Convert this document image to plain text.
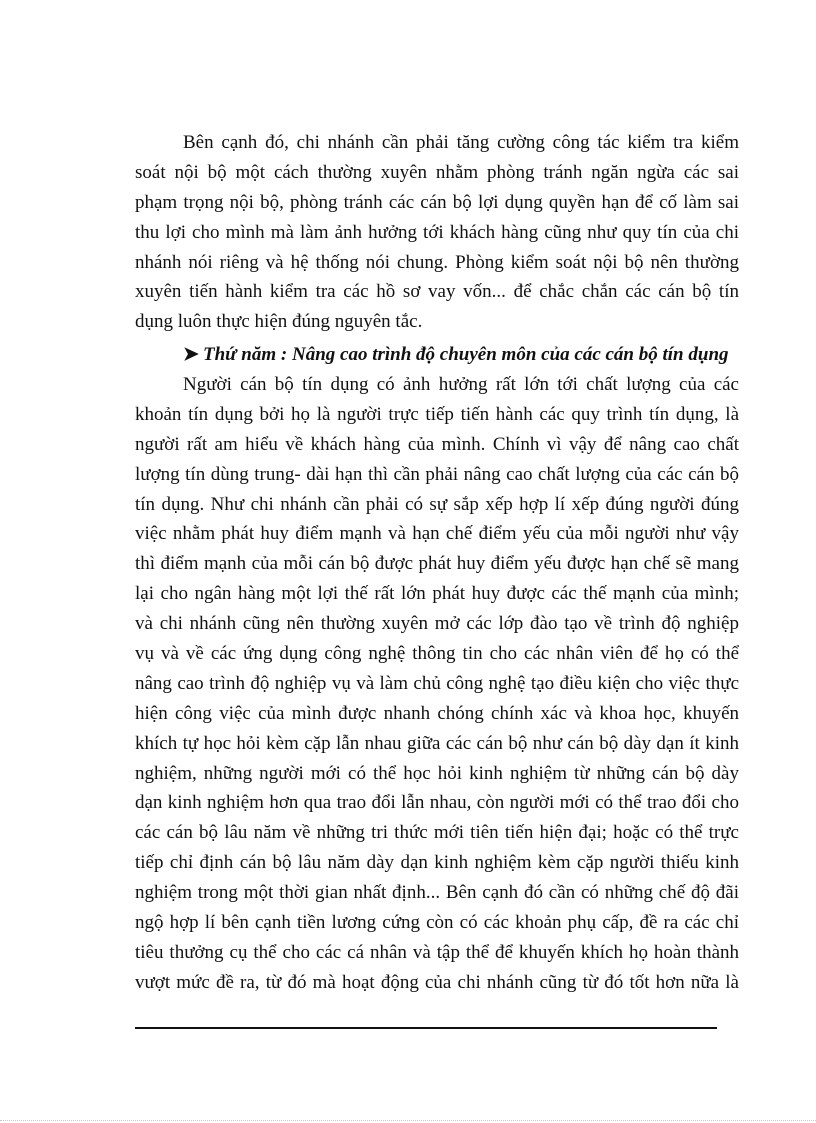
Bên cạnh đó, chi nhánh cần phải tăng cường công tác kiểm tra kiểm
soát nội bộ một cách thường xuyên nhằm phòng tránh ngăn ngừa các sai
phạm trọng nội bộ, phòng tránh các cán bộ lợi dụng quyền hạn để cố làm sai
thu lợi cho mình mà làm ảnh hưởng tới khách hàng cũng như quy tín của chi
nhánh nói riêng và hệ thống nói chung. Phòng kiểm soát nội bộ nên thường
xuyên tiến hành kiểm tra các hồ sơ vay vốn... để chắc chắn các cán bộ tín
dụng luôn thực hiện đúng nguyên tắc.
➤ Thứ năm : Nâng cao trình độ chuyên môn của các cán bộ tín dụng
Người cán bộ tín dụng có ảnh hưởng rất lớn tới chất lượng của các
khoản tín dụng bởi họ là người trực tiếp tiến hành các quy trình tín dụng, là
người rất am hiểu về khách hàng của mình. Chính vì vậy để nâng cao chất
lượng tín dùng trung- dài hạn thì cần phải nâng cao chất lượng của các cán bộ
tín dụng. Như chi nhánh cần phải có sự sắp xếp hợp lí xếp đúng người đúng
việc nhằm phát huy điểm mạnh và hạn chế điểm yếu của mỗi người như vậy
thì điểm mạnh của mỗi cán bộ được phát huy điểm yếu được hạn chế sẽ mang
lại cho ngân hàng một lợi thế rất lớn phát huy được các thế mạnh của mình;
và chi nhánh cũng nên thường xuyên mở các lớp đào tạo về trình độ nghiệp
vụ và về các ứng dụng công nghệ thông tin cho các nhân viên để họ có thể
nâng cao trình độ nghiệp vụ và làm chủ công nghệ tạo điều kiện cho việc thực
hiện công việc của mình được nhanh chóng chính xác và khoa học, khuyến
khích tự học hỏi kèm cặp lẫn nhau giữa các cán bộ như cán bộ dày dạn ít kinh
nghiệm, những người mới có thể học hỏi kinh nghiệm từ những cán bộ dày
dạn kinh nghiệm hơn qua trao đổi lẫn nhau, còn người mới có thể trao đổi cho
các cán bộ lâu năm về những tri thức mới tiên tiến hiện đại; hoặc có thể trực
tiếp chỉ định cán bộ lâu năm dày dạn kinh nghiệm kèm cặp người thiếu kinh
nghiệm trong một thời gian nhất định... Bên cạnh đó cần có những chế độ đãi
ngộ hợp lí bên cạnh tiền lương cứng còn có các khoản phụ cấp, đề ra các chỉ
tiêu thưởng cụ thể cho các cá nhân và tập thể để khuyến khích họ hoàn thành
vượt mức đề ra, từ đó mà hoạt động của chi nhánh cũng từ đó tốt hơn nữa là
